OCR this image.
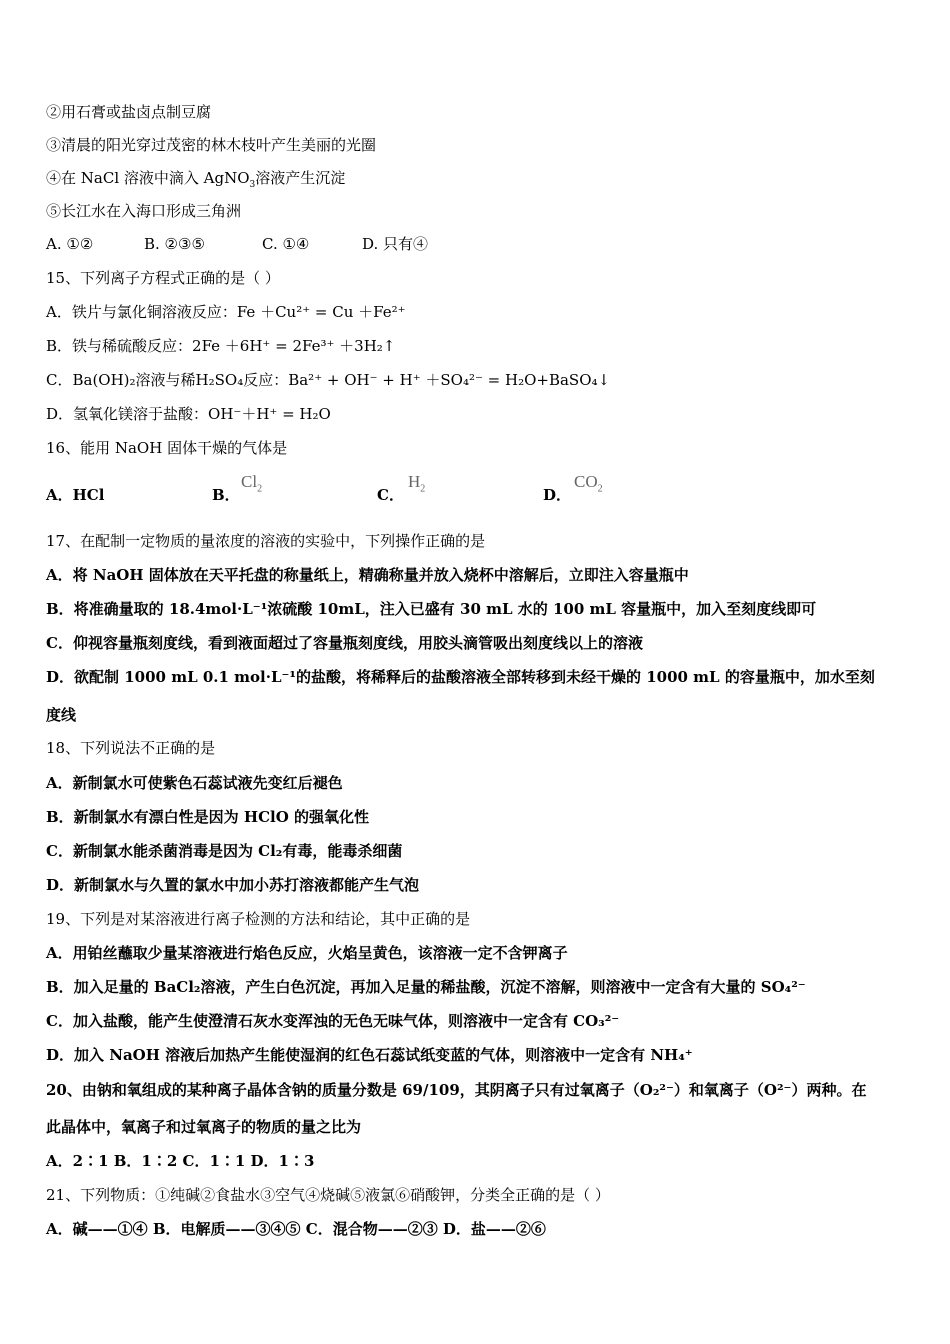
②用石膏或盐卤点制豆腐
③清晨的阳光穿过茂密的林木枝叶产生美丽的光圈
④在 NaCl 溶液中滴入 AgNO$_3$溶液产生沉淀
⑤长江水在入海口形成三角洲
A. ①②	B. ②③⑤	C. ①④	D. 只有④
15、下列离子方程式正确的是（ ）
A．铁片与氯化铜溶液反应：Fe ＋Cu²⁺ = Cu ＋Fe²⁺
B．铁与稀硫酸反应：2Fe ＋6H⁺ = 2Fe³⁺ ＋3H₂↑
C．Ba(OH)₂溶液与稀H₂SO₄反应：Ba²⁺ + OH⁻ + H⁺ ＋SO₄²⁻ = H₂O+BaSO₄↓
D．氢氧化镁溶于盐酸：OH⁻＋H⁺ = H₂O
16、能用 NaOH 固体干燥的气体是
A．HCl	B．
$Cl_2$	C．
$H_2$	D．
$CO_2$
17、在配制一定物质的量浓度的溶液的实验中，下列操作正确的是
A．将 NaOH 固体放在天平托盘的称量纸上，精确称量并放入烧杯中溶解后，立即注入容量瓶中
B．将准确量取的 18.4mol·L⁻¹浓硫酸 10mL，注入已盛有 30 mL 水的 100 mL 容量瓶中，加入至刻度线即可
C．仰视容量瓶刻度线，看到液面超过了容量瓶刻度线，用胶头滴管吸出刻度线以上的溶液
D．欲配制 1000 mL 0.1 mol·L⁻¹的盐酸，将稀释后的盐酸溶液全部转移到未经干燥的 1000 mL 的容量瓶中，加水至刻
度线
18、下列说法不正确的是
A．新制氯水可使紫色石蕊试液先变红后褪色
B．新制氯水有漂白性是因为 HClO 的强氧化性
C．新制氯水能杀菌消毒是因为 Cl₂有毒，能毒杀细菌
D．新制氯水与久置的氯水中加小苏打溶液都能产生气泡
19、下列是对某溶液进行离子检测的方法和结论，其中正确的是
A．用铂丝蘸取少量某溶液进行焰色反应，火焰呈黄色，该溶液一定不含钾离子
B．加入足量的 BaCl₂溶液，产生白色沉淀，再加入足量的稀盐酸，沉淀不溶解，则溶液中一定含有大量的 SO₄²⁻
C．加入盐酸，能产生使澄清石灰水变浑浊的无色无味气体，则溶液中一定含有 CO₃²⁻
D．加入 NaOH 溶液后加热产生能使湿润的红色石蕊试纸变蓝的气体，则溶液中一定含有 NH₄⁺
20、由钠和氧组成的某种离子晶体含钠的质量分数是 69/109，其阴离子只有过氧离子（O₂²⁻）和氧离子（O²⁻）两种。在
此晶体中，氧离子和过氧离子的物质的量之比为
A．2∶1 B．1∶2 C．1∶1 D．1∶3
21、下列物质：①纯碱②食盐水③空气④烧碱⑤液氯⑥硝酸钾，分类全正确的是（ ）
A．碱——①④ B．电解质——③④⑤ C．混合物——②③ D．盐——②⑥
